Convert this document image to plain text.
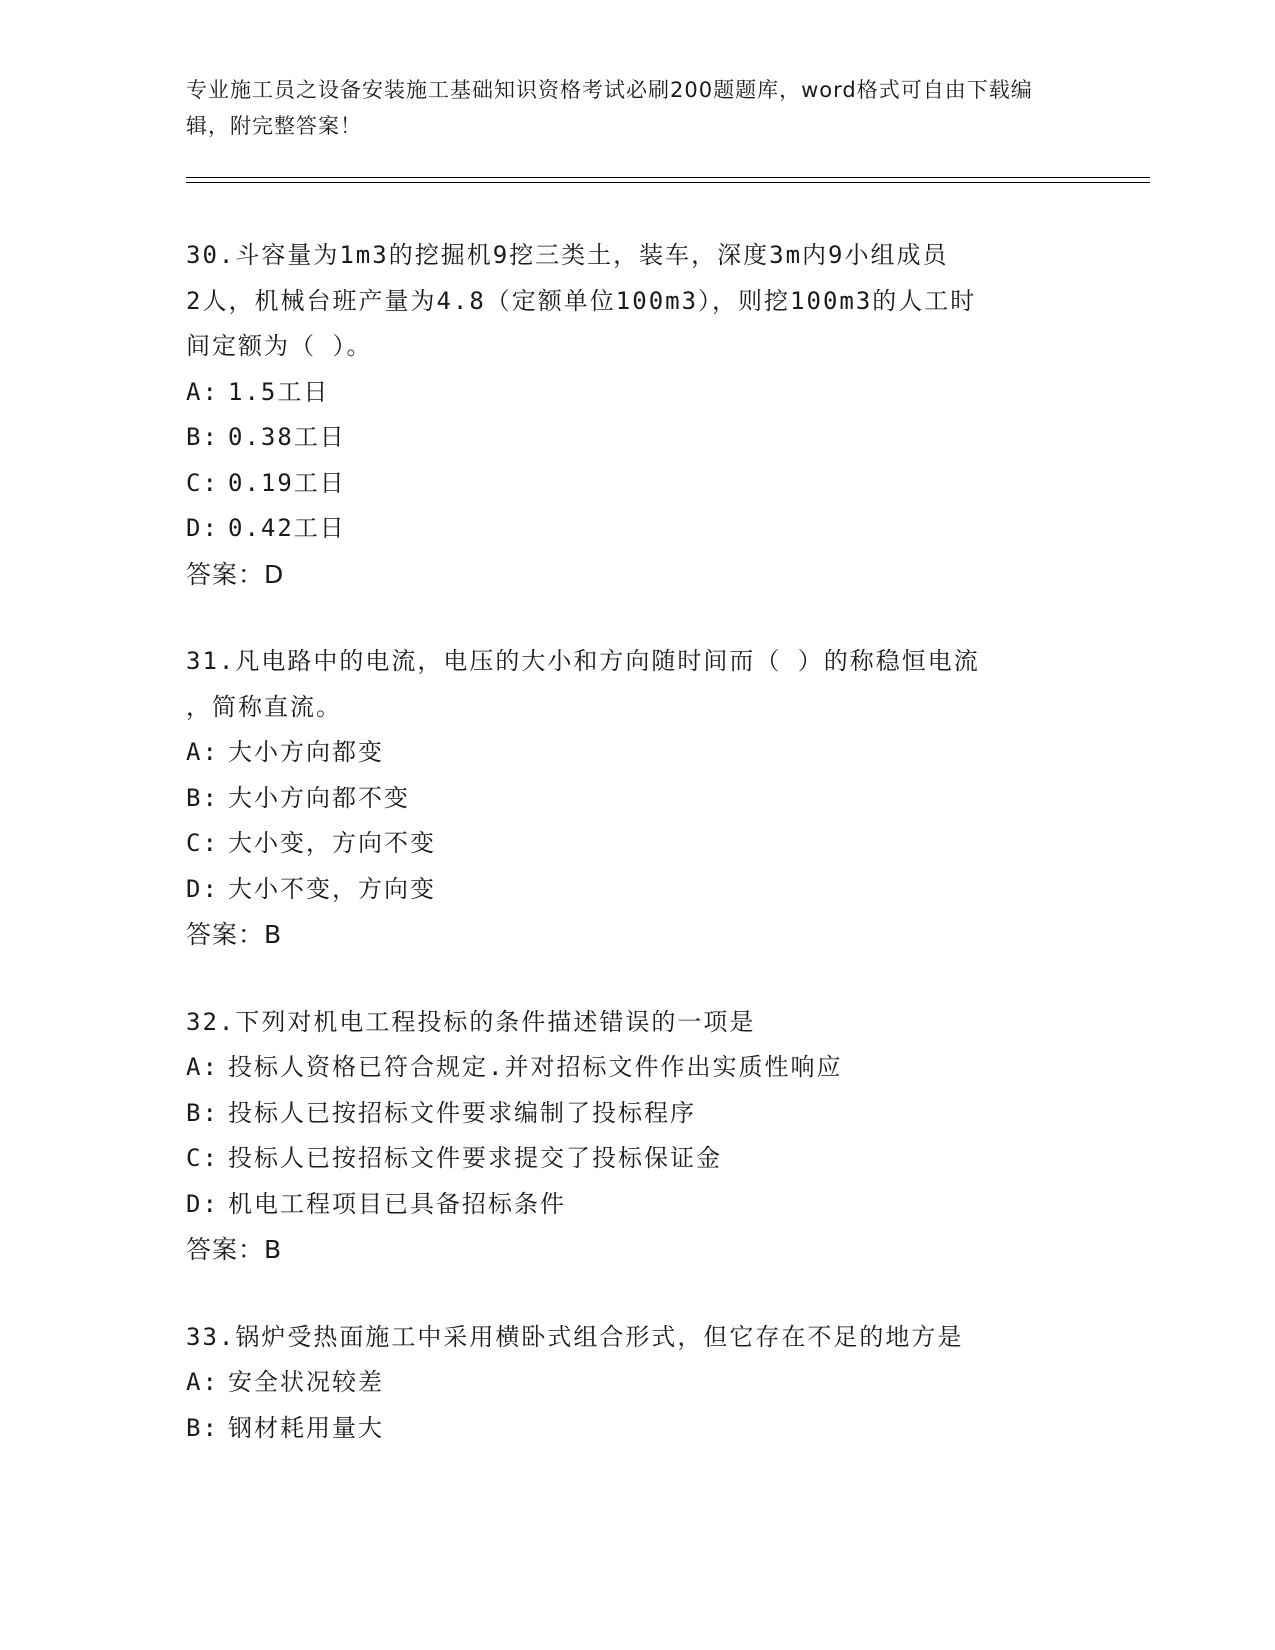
专业施工员之设备安装施工基础知识资格考试必刷200题题库，word格式可自由下载编辑，附完整答案！
30.斗容量为1m3的挖掘机9挖三类土，装车，深度3m内9小组成员
2人，机械台班产量为4.8（定额单位100m3），则挖100m3的人工时
间定额为（ ）。
A: 1.5工日
B: 0.38工日
C: 0.19工日
D: 0.42工日
答案：D
31.凡电路中的电流，电压的大小和方向随时间而（ ）的称稳恒电流
，简称直流。
A: 大小方向都变
B: 大小方向都不变
C: 大小变，方向不变
D: 大小不变，方向变
答案：B
32.下列对机电工程投标的条件描述错误的一项是
A: 投标人资格已符合规定.并对招标文件作出实质性响应
B: 投标人已按招标文件要求编制了投标程序
C: 投标人已按招标文件要求提交了投标保证金
D: 机电工程项目已具备招标条件
答案：B
33.锅炉受热面施工中采用横卧式组合形式，但它存在不足的地方是
A: 安全状况较差
B: 钢材耗用量大
